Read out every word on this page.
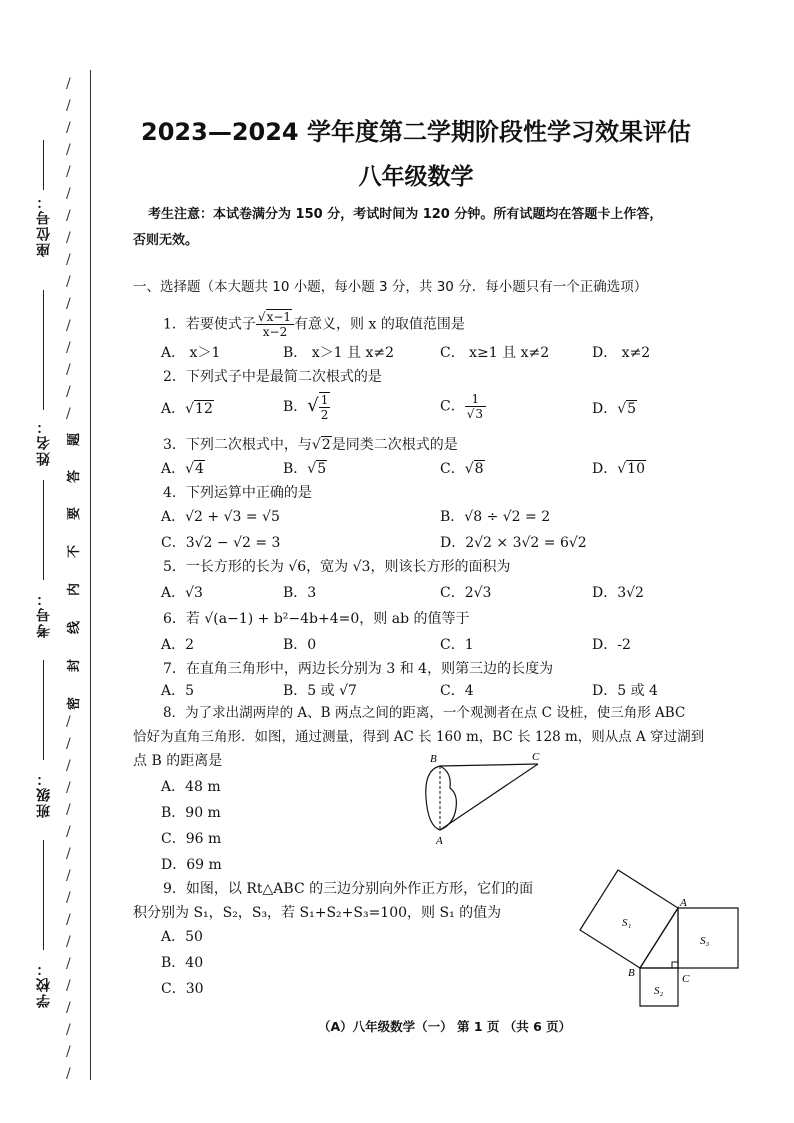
座位号：
姓名：
考号：
班级：
学校：
/
/
/
/
/
/
/
/
/
/
/
/
/
/
/
/
/
/
/
/
/
/
/
/
/
/
/
/
/
/
/
/
/
题
答
要
不
内
线
封
密
2023—2024 学年度第二学期阶段性学习效果评估
八年级数学
考生注意：本试卷满分为 150 分，考试时间为 120 分钟。所有试题均在答题卡上作答，
否则无效。
一、选择题（本大题共 10 小题，每小题 3 分，共 30 分．每小题只有一个正确选项）
1．若要使式子 $\frac{√x-1}{x-2}$ 有意义，则 x 的取值范围是
A． x＞1	B． x＞1 且 x≠2	C． x≥1 且 x≠2	D． x≠2
2．下列式子中是最简二次根式的是
A．√12	B．√ $\frac{1}{2}$	C． $\frac{1}{√3}$	D．√5
3．下列二次根式中，与√2是同类二次根式的是
A．√4	B．√5	C．√8	D．√10
4．下列运算中正确的是
A．√2 + √3 = √5	B．√8 ÷ √2 = 2
C．3√2 − √2 = 3	D．2√2 × 3√2 = 6√2
5．一长方形的长为 √6，宽为 √3，则该长方形的面积为
A．√3	B．3	C．2√3	D．3√2
6．若 √(a−1) + b²−4b+4=0，则 ab 的值等于
A．2	B．0	C．1	D．-2
7．在直角三角形中，两边长分别为 3 和 4，则第三边的长度为
A．5	B．5 或 √7	C．4	D．5 或 4
8．为了求出湖两岸的 A、B 两点之间的距离，一个观测者在点 C 设桩，使三角形 ABC
恰好为直角三角形．如图，通过测量，得到 AC 长 160 m，BC 长 128 m，则从点 A 穿过湖到
点 B 的距离是
A．48 m
B．90 m
C．96 m
D．69 m
B	C
A
9．如图，以 Rt△ABC 的三边分别向外作正方形，它们的面
积分别为 S₁，S₂，S₃，若 S₁+S₂+S₃=100，则 S₁ 的值为
A．50
B．40
C．30
S₁
S₃
S₂
A
B	C
（A）八年级数学（一） 第 1 页 （共 6 页）
